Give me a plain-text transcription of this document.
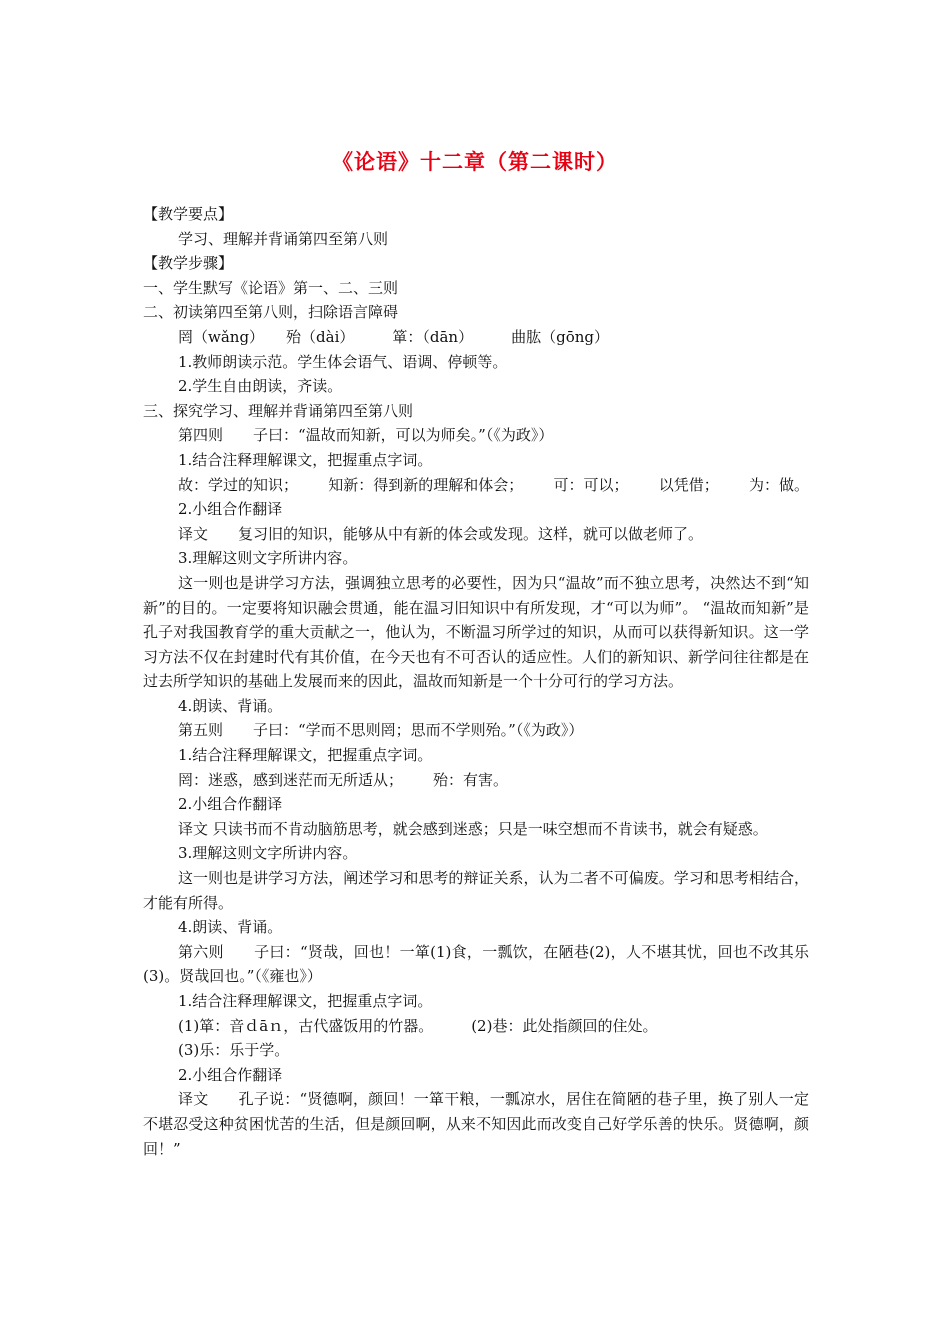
《论语》十二章（第二课时）

【教学要点】

学习、理解并背诵第四至第八则

【教学步骤】

一、学生默写《论语》第一、二、三则

二、初读第四至第八则，扫除语言障碍

罔（wǎng） 殆（dài）	箪：（dān）	曲肱（gōng）

1.教师朗读示范。学生体会语气、语调、停顿等。

2.学生自由朗读，齐读。

三、探究学习、理解并背诵第四至第八则

第四则 子曰：“温故而知新，可以为师矣。”（《为政》）

1.结合注释理解课文，把握重点字词。

故：学过的知识； 知新：得到新的理解和体会； 可：可以； 以凭借； 为：做。

2.小组合作翻译

译文 复习旧的知识，能够从中有新的体会或发现。这样，就可以做老师了。

3.理解这则文字所讲内容。

这一则也是讲学习方法，强调独立思考的必要性，因为只“温故”而不独立思考，决然达不到“知新”的目的。一定要将知识融会贯通，能在温习旧知识中有所发现，才“可以为师”。 “温故而知新”是孔子对我国教育学的重大贡献之一，他认为，不断温习所学过的知识，从而可以获得新知识。这一学习方法不仅在封建时代有其价值，在今天也有不可否认的适应性。人们的新知识、新学问往往都是在过去所学知识的基础上发展而来的因此，温故而知新是一个十分可行的学习方法。

4.朗读、背诵。

第五则 子曰：“学而不思则罔；思而不学则殆。”（《为政》）

1.结合注释理解课文，把握重点字词。

罔：迷惑，感到迷茫而无所适从； 殆：有害。

2.小组合作翻译

译文 只读书而不肯动脑筋思考，就会感到迷惑；只是一味空想而不肯读书，就会有疑惑。

3.理解这则文字所讲内容。

这一则也是讲学习方法，阐述学习和思考的辩证关系，认为二者不可偏废。学习和思考相结合，才能有所得。

4.朗读、背诵。

第六则 子曰：“贤哉，回也！一箪(1)食，一瓢饮，在陋巷(2)，人不堪其忧，回也不改其乐(3)。贤哉回也。”（《雍也》）

1.结合注释理解课文，把握重点字词。

(1)箪：音ｄāｎ，古代盛饭用的竹器。	(2)巷：此处指颜回的住处。

(3)乐：乐于学。

2.小组合作翻译

译文 孔子说：“贤德啊，颜回！一箪干粮，一瓢凉水，居住在简陋的巷子里，换了别人一定不堪忍受这种贫困忧苦的生活，但是颜回啊，从来不知因此而改变自己好学乐善的快乐。贤德啊，颜回！”
